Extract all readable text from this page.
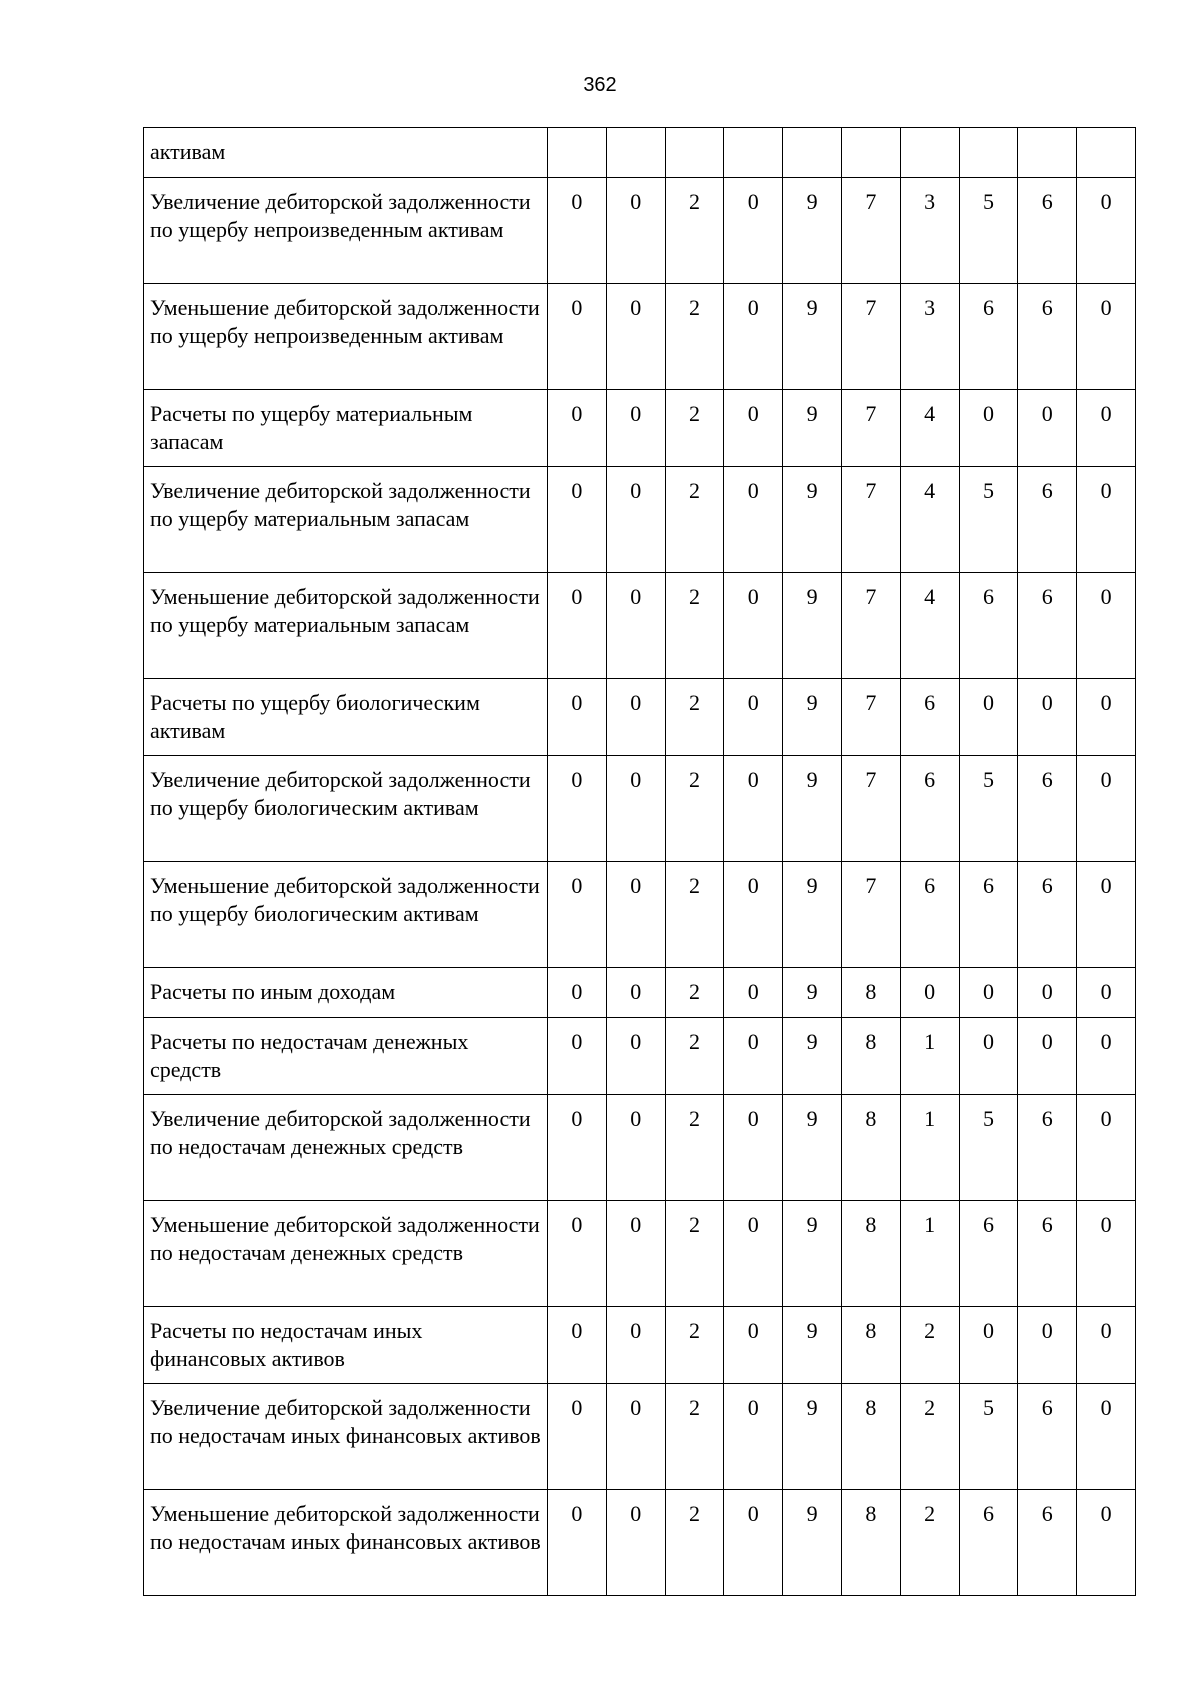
362
активам										
Увеличение дебиторской задолженности по ущербу непроизведенным активам	0	0	2	0	9	7	3	5	6	0
Уменьшение дебиторской задолженности по ущербу непроизведенным активам	0	0	2	0	9	7	3	6	6	0
Расчеты по ущербу материальным запасам	0	0	2	0	9	7	4	0	0	0
Увеличение дебиторской задолженности по ущербу материальным запасам	0	0	2	0	9	7	4	5	6	0
Уменьшение дебиторской задолженности по ущербу материальным запасам	0	0	2	0	9	7	4	6	6	0
Расчеты по ущербу биологическим активам	0	0	2	0	9	7	6	0	0	0
Увеличение дебиторской задолженности по ущербу биологическим активам	0	0	2	0	9	7	6	5	6	0
Уменьшение дебиторской задолженности по ущербу биологическим активам	0	0	2	0	9	7	6	6	6	0
Расчеты по иным доходам	0	0	2	0	9	8	0	0	0	0
Расчеты по недостачам денежных средств	0	0	2	0	9	8	1	0	0	0
Увеличение дебиторской задолженности по недостачам денежных средств	0	0	2	0	9	8	1	5	6	0
Уменьшение дебиторской задолженности по недостачам денежных средств	0	0	2	0	9	8	1	6	6	0
Расчеты по недостачам иных финансовых активов	0	0	2	0	9	8	2	0	0	0
Увеличение дебиторской задолженности по недостачам иных финансовых активов	0	0	2	0	9	8	2	5	6	0
Уменьшение дебиторской задолженности по недостачам иных финансовых активов	0	0	2	0	9	8	2	6	6	0
